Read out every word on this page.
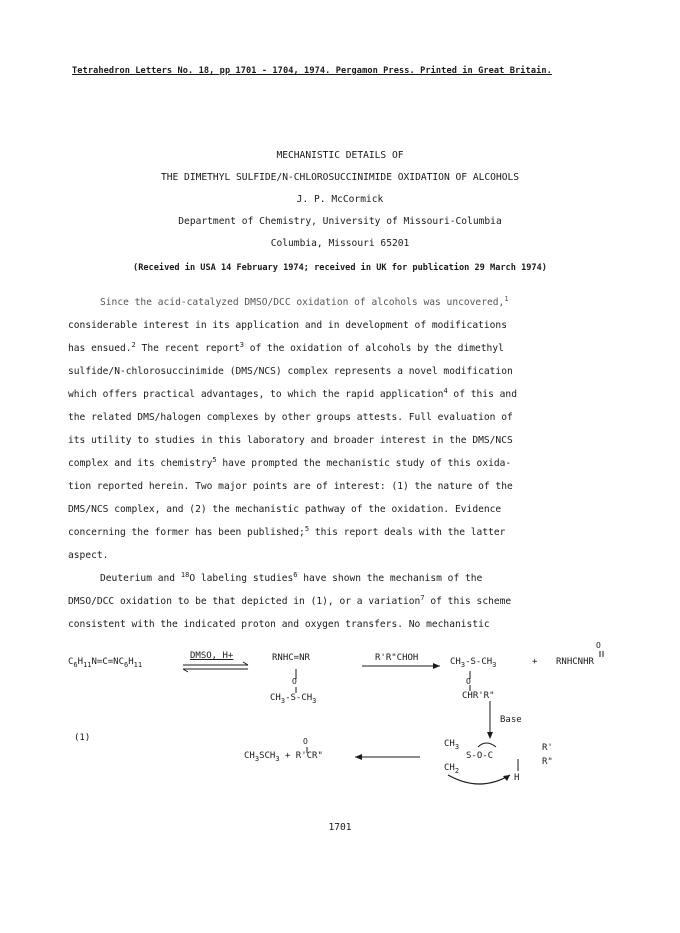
Tetrahedron Letters No. 18, pp 1701 - 1704, 1974. Pergamon Press. Printed in Great Britain.
MECHANISTIC DETAILS OF
THE DIMETHYL SULFIDE/N-CHLOROSUCCINIMIDE OXIDATION OF ALCOHOLS
J. P. McCormick
Department of Chemistry, University of Missouri-Columbia
Columbia, Missouri 65201
(Received in USA 14 February 1974; received in UK for publication 29 March 1974)
Since the acid-catalyzed DMSO/DCC oxidation of alcohols was uncovered,$^1$
considerable interest in its application and in development of modifications
has ensued.$^2$ The recent report$^3$ of the oxidation of alcohols by the dimethyl
sulfide/N-chlorosuccinimide (DMS/NCS) complex represents a novel modification
which offers practical advantages, to which the rapid application$^4$ of this and
the related DMS/halogen complexes by other groups attests. Full evaluation of
its utility to studies in this laboratory and broader interest in the DMS/NCS
complex and its chemistry$^5$ have prompted the mechanistic study of this oxida-
tion reported herein. Two major points are of interest: (1) the nature of the
DMS/NCS complex, and (2) the mechanistic pathway of the oxidation. Evidence
concerning the former has been published;$^5$ this report deals with the latter
aspect.
Deuterium and $^{18}$O labeling studies$^6$ have shown the mechanism of the
DMSO/DCC oxidation to be that depicted in (1), or a variation$^7$ of this scheme
consistent with the indicated proton and oxygen transfers. No mechanistic
$C_6H_{11}N=C=NC_6H_{11}$
DMSO, H+	RNHC=NR
O
$CH_3-S-CH_3$
R'R"CHOH	$CH_3-S-CH_3$
O
CHR'R"
+
O
RNHCNHR
Base
(1)
$CH_3$
S-O-C
R'
R"
$CH_2$
H
O
$CH_3SCH_3 + R'CR$"
1701
